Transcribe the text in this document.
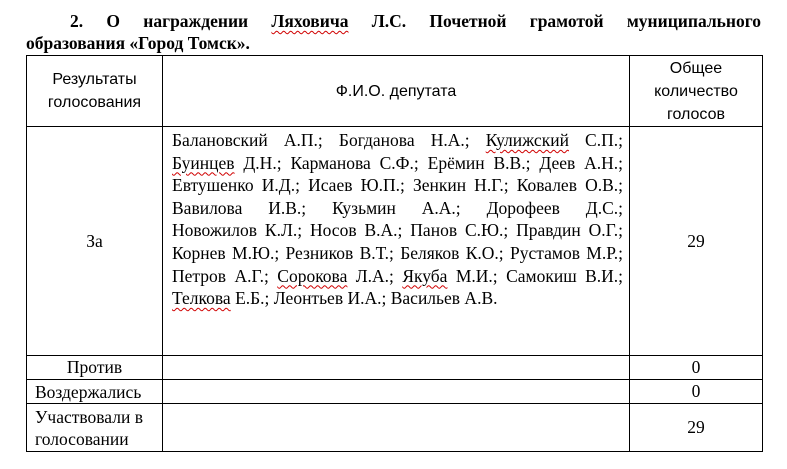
2. О награждении Ляховича Л.С. Почетной грамотой муниципального
образования «Город Томск».
Результаты голосования	Ф.И.О. депутата	Общее количество голосов
За	Балановский А.П.; Богданова Н.А.; Кулижский С.П.; Буинцев Д.Н.; Карманова С.Ф.; Ерёмин В.В.; Деев А.Н.; Евтушенко И.Д.; Исаев Ю.П.; Зенкин Н.Г.; Ковалев О.В.; Вавилова И.В.; Кузьмин А.А.; Дорофеев Д.С.; Новожилов К.Л.; Носов В.А.; Панов С.Ю.; Правдин О.Г.; Корнев М.Ю.; Резников В.Т.; Беляков К.О.; Рустамов М.Р.; Петров А.Г.; Сорокова Л.А.; Якуба М.И.; Самокиш В.И.; Телкова Е.Б.; Леонтьев И.А.; Васильев А.В.	29
Против		0
Воздержались		0
Участвовали в голосовании		29
